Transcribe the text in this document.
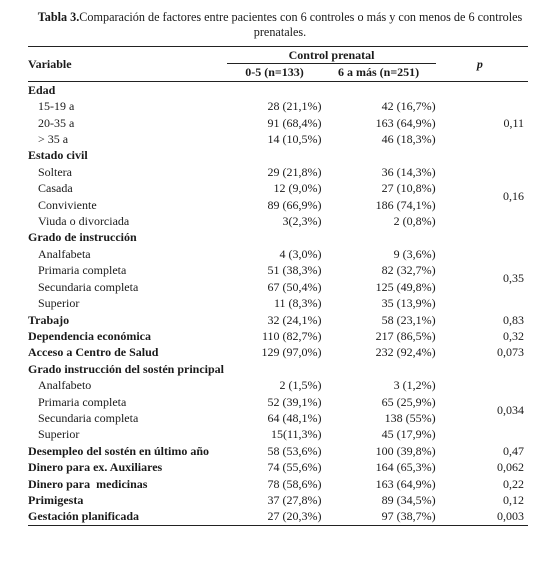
Tabla 3.Comparación de factores entre pacientes con 6 controles o más y con menos de 6 controles prenatales.

Variable	Control prenatal		p
	0-5 (n=133)	6 a más (n=251)	
Edad			
15-19 a	28 (21,1%)	42 (16,7%)	0,11
20-35 a	91 (68,4%)	163 (64,9%)	
> 35 a	14 (10,5%)	46 (18,3%)	
Estado civil			
Soltera	29 (21,8%)	36 (14,3%)	0,16
Casada	12 (9,0%)	27 (10,8%)	
Conviviente	89 (66,9%)	186 (74,1%)	
Viuda o divorciada	3(2,3%)	2 (0,8%)	
Grado de instrucción			
Analfabeta	4 (3,0%)	9 (3,6%)	0,35
Primaria completa	51 (38,3%)	82 (32,7%)	
Secundaria completa	67 (50,4%)	125 (49,8%)	
Superior	11 (8,3%)	35 (13,9%)	
Trabajo	32 (24,1%)	58 (23,1%)	0,83
Dependencia económica	110 (82,7%)	217 (86,5%)	0,32
Acceso a Centro de Salud	129 (97,0%)	232 (92,4%)	0,073
Grado instrucción del sostén principal			
Analfabeto	2 (1,5%)	3 (1,2%)	0,034
Primaria completa	52 (39,1%)	65 (25,9%)	
Secundaria completa	64 (48,1%)	138 (55%)	
Superior	15(11,3%)	45 (17,9%)	
Desempleo del sostén en último año	58 (53,6%)	100 (39,8%)	0,47
Dinero para ex. Auxiliares	74 (55,6%)	164 (65,3%)	0,062
Dinero para  medicinas	78 (58,6%)	163 (64,9%)	0,22
Primigesta	37 (27,8%)	89 (34,5%)	0,12
Gestación planificada	27 (20,3%)	97 (38,7%)	0,003
